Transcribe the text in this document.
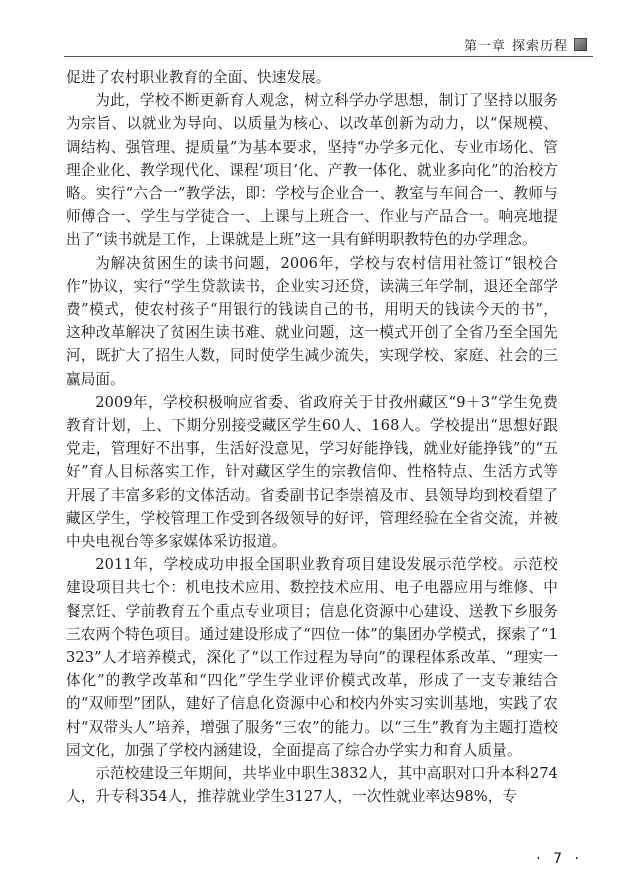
第一章 探索历程

促进了农村职业教育的全面、快速发展。

为此，学校不断更新育人观念，树立科学办学思想，制订了坚持以服务为宗旨、以就业为导向、以质量为核心、以改革创新为动力，以“保规模、调结构、强管理、提质量”为基本要求，坚持“办学多元化、专业市场化、管理企业化、教学现代化、课程‘项目’化、产教一体化、就业多向化”的治校方略。实行“六合一”教学法，即：学校与企业合一、教室与车间合一、教师与师傅合一、学生与学徒合一、上课与上班合一、作业与产品合一。响亮地提出了“读书就是工作，上课就是上班”这一具有鲜明职教特色的办学理念。

为解决贫困生的读书问题，2006年，学校与农村信用社签订“银校合作”协议，实行“学生贷款读书，企业实习还贷，读满三年学制，退还全部学费”模式，使农村孩子“用银行的钱读自己的书，用明天的钱读今天的书”，这种改革解决了贫困生读书难、就业问题，这一模式开创了全省乃至全国先河，既扩大了招生人数，同时使学生减少流失，实现学校、家庭、社会的三赢局面。

2009年，学校积极响应省委、省政府关于甘孜州藏区“9＋3”学生免费教育计划，上、下期分别接受藏区学生60人、168人。学校提出“思想好跟党走，管理好不出事，生活好没意见，学习好能挣钱，就业好能挣钱”的“五好”育人目标落实工作，针对藏区学生的宗教信仰、性格特点、生活方式等开展了丰富多彩的文体活动。省委副书记李崇禧及市、县领导均到校看望了藏区学生，学校管理工作受到各级领导的好评，管理经验在全省交流，并被中央电视台等多家媒体采访报道。

2011年，学校成功申报全国职业教育项目建设发展示范学校。示范校建设项目共七个：机电技术应用、数控技术应用、电子电器应用与维修、中餐烹饪、学前教育五个重点专业项目；信息化资源中心建设、送教下乡服务三农两个特色项目。通过建设形成了“四位一体”的集团办学模式，探索了“1323”人才培养模式，深化了“以工作过程为导向”的课程体系改革、“理实一体化”的教学改革和“四化”学生学业评价模式改革，形成了一支专兼结合的“双师型”团队，建好了信息化资源中心和校内外实习实训基地，实践了农村“双带头人”培养，增强了服务“三农”的能力。以“三生”教育为主题打造校园文化，加强了学校内涵建设，全面提高了综合办学实力和育人质量。

示范校建设三年期间，共毕业中职生3832人，其中高职对口升本科274人，升专科354人，推荐就业学生3127人，一次性就业率达98%，专

· 7 ·
